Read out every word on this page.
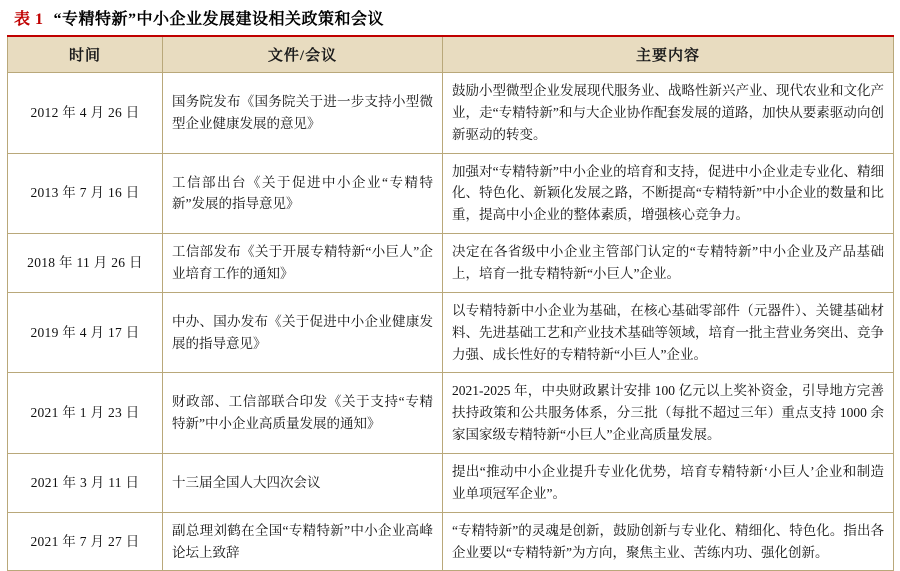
表 1 “专精特新”中小企业发展建设相关政策和会议
时间	文件/会议	主要内容
2012 年 4 月 26 日	国务院发布《国务院关于进一步支持小型微型企业健康发展的意见》	鼓励小型微型企业发展现代服务业、战略性新兴产业、现代农业和文化产业，走“专精特新”和与大企业协作配套发展的道路，加快从要素驱动向创新驱动的转变。
2013 年 7 月 16 日	工信部出台《关于促进中小企业“专精特新”发展的指导意见》	加强对“专精特新”中小企业的培育和支持，促进中小企业走专业化、精细化、特色化、新颖化发展之路，不断提高“专精特新”中小企业的数量和比重，提高中小企业的整体素质，增强核心竞争力。
2018 年 11 月 26 日	工信部发布《关于开展专精特新“小巨人”企业培育工作的通知》	决定在各省级中小企业主管部门认定的“专精特新”中小企业及产品基础上，培育一批专精特新“小巨人”企业。
2019 年 4 月 17 日	中办、国办发布《关于促进中小企业健康发展的指导意见》	以专精特新中小企业为基础，在核心基础零部件（元器件）、关键基础材料、先进基础工艺和产业技术基础等领域，培育一批主营业务突出、竞争力强、成长性好的专精特新“小巨人”企业。
2021 年 1 月 23 日	财政部、工信部联合印发《关于支持“专精特新”中小企业高质量发展的通知》	2021-2025 年，中央财政累计安排 100 亿元以上奖补资金，引导地方完善扶持政策和公共服务体系，分三批（每批不超过三年）重点支持 1000 余家国家级专精特新“小巨人”企业高质量发展。
2021 年 3 月 11 日	十三届全国人大四次会议	提出“推动中小企业提升专业化优势，培育专精特新‘小巨人’企业和制造业单项冠军企业”。
2021 年 7 月 27 日	副总理刘鹤在全国“专精特新”中小企业高峰论坛上致辞	“专精特新”的灵魂是创新，鼓励创新与专业化、精细化、特色化。指出各企业要以“专精特新”为方向，聚焦主业、苦练内功、强化创新。
